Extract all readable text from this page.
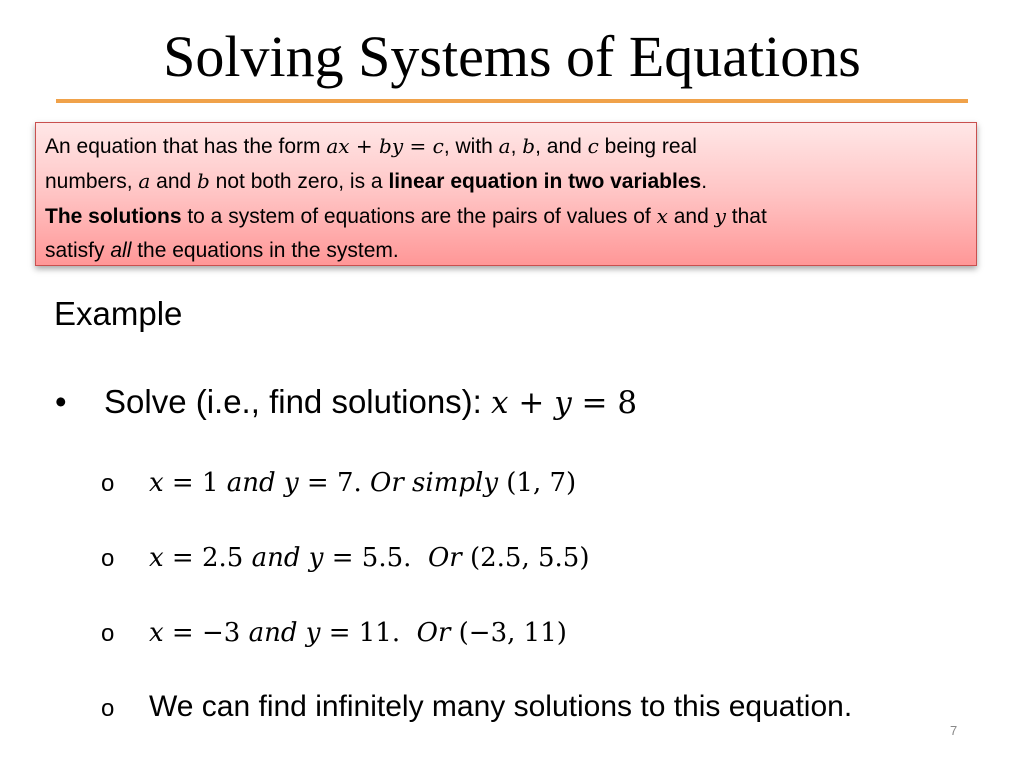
Solving Systems of Equations
An equation that has the form ax + by = c, with a, b, and c being real
numbers, a and b not both zero, is a linear equation in two variables.
The solutions to a system of equations are the pairs of values of x and y that
satisfy all the equations in the system.
Example
• Solve (i.e., find solutions): x + y = 8
o x = 1 and y = 7. Or simply (1, 7)
o x = 2.5 and y = 5.5.  Or (2.5, 5.5)
o x = −3 and y = 11.  Or (−3, 11)
o We can find infinitely many solutions to this equation.
7
